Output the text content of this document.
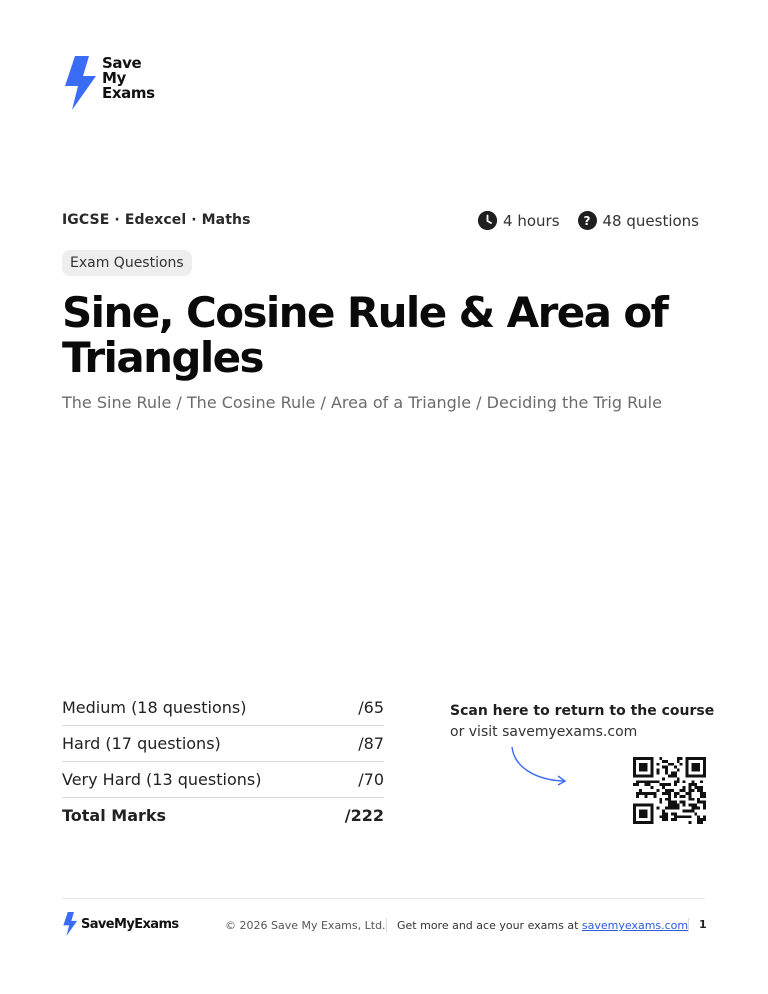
Save
My
Exams
IGCSE · Edexcel · Maths	4 hours	? 48 questions
Exam Questions
Sine, Cosine Rule & Area of Triangles
The Sine Rule / The Cosine Rule / Area of a Triangle / Deciding the Trig Rule
Medium (18 questions)	/65
Hard (17 questions)	/87
Very Hard (13 questions)	/70
Total Marks	/222
Scan here to return to the course
or visit savemyexams.com
SaveMyExams	© 2026 Save My Exams, Ltd. Get more and ace your exams at savemyexams.com 1
